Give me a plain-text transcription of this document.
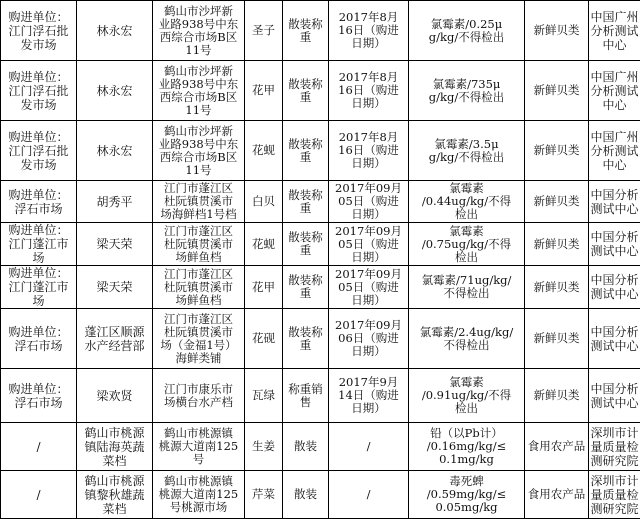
购进单位：
江门浮石批
发市场	林永宏	鹤山市沙坪新
业路938号中东
西综合市场B区
11号	圣子	散装称
重	2017年8月
16日（购进
日期）	氯霉素/0.25μ
g/kg/不得检出	新鲜贝类	中国广州
分析测试
中心
购进单位：
江门浮石批
发市场	林永宏	鹤山市沙坪新
业路938号中东
西综合市场B区
11号	花甲	散装称
重	2017年8月
16日（购进
日期）	氯霉素/735μ
g/kg/不得检出	新鲜贝类	中国广州
分析测试
中心
购进单位：
江门浮石批
发市场	林永宏	鹤山市沙坪新
业路938号中东
西综合市场B区
11号	花蚬	散装称
重	2017年8月
16日（购进
日期）	氯霉素/3.5μ
g/kg/不得检出	新鲜贝类	中国广州
分析测试
中心
购进单位：
浮石市场	胡秀平	江门市蓬江区
杜阮镇贯溪市
场海鲜档1号档	白贝	散装称
重	2017年09月
05日（购进
日期）	氯霉素
/0.44ug/kg/不得
检出	新鲜贝类	中国分析
测试中心
购进单位：
江门蓬江市
场	梁天荣	江门市蓬江区
杜阮镇贯溪市
场鲜鱼档	花蚬	散装称
重	2017年09月
05日（购进
日期）	氯霉素
/0.75ug/kg/不得
检出	新鲜贝类	中国分析
测试中心
购进单位：
江门蓬江市
场	梁天荣	江门市蓬江区
杜阮镇贯溪市
场鲜鱼档	花甲	散装称
重	2017年09月
05日（购进
日期）	氯霉素/71ug/kg/
不得检出	新鲜贝类	中国分析
测试中心
购进单位：
浮石市场	蓬江区顺源
水产经营部	江门市蓬江区
杜阮镇贯溪市
场（金福1号）
海鲜类铺	花砚	散装称
重	2017年09月
06日（购进
日期）	氯霉素/2.4ug/kg/
不得检出	新鲜贝类	中国分析
测试中心
购进单位：
浮石市场	梁欢贤	江门市康乐市
场横台水产档	瓦绿	称重销
售	2017年9月
14日（购进
日期）	氯霉素
/0.91ug/kg/不得
检出	新鲜贝类	中国分析
测试中心
/	鹤山市桃源
镇陆海英蔬
菜档	鹤山市桃源镇
桃源大道南125
号	生姜	散装	/	铅（以Pb计）
/0.16mg/kg/≤
0.1mg/kg	食用农产品	深圳市计
量质量检
测研究院
/	鹤山市桃源
镇黎秋雄蔬
菜档	鹤山市桃源镇
桃源大道南125
号桃源市场	芹菜	散装	/	毒死蜱
/0.59mg/kg/≤
0.05mg/kg	食用农产品	深圳市计
量质量检
测研究院
